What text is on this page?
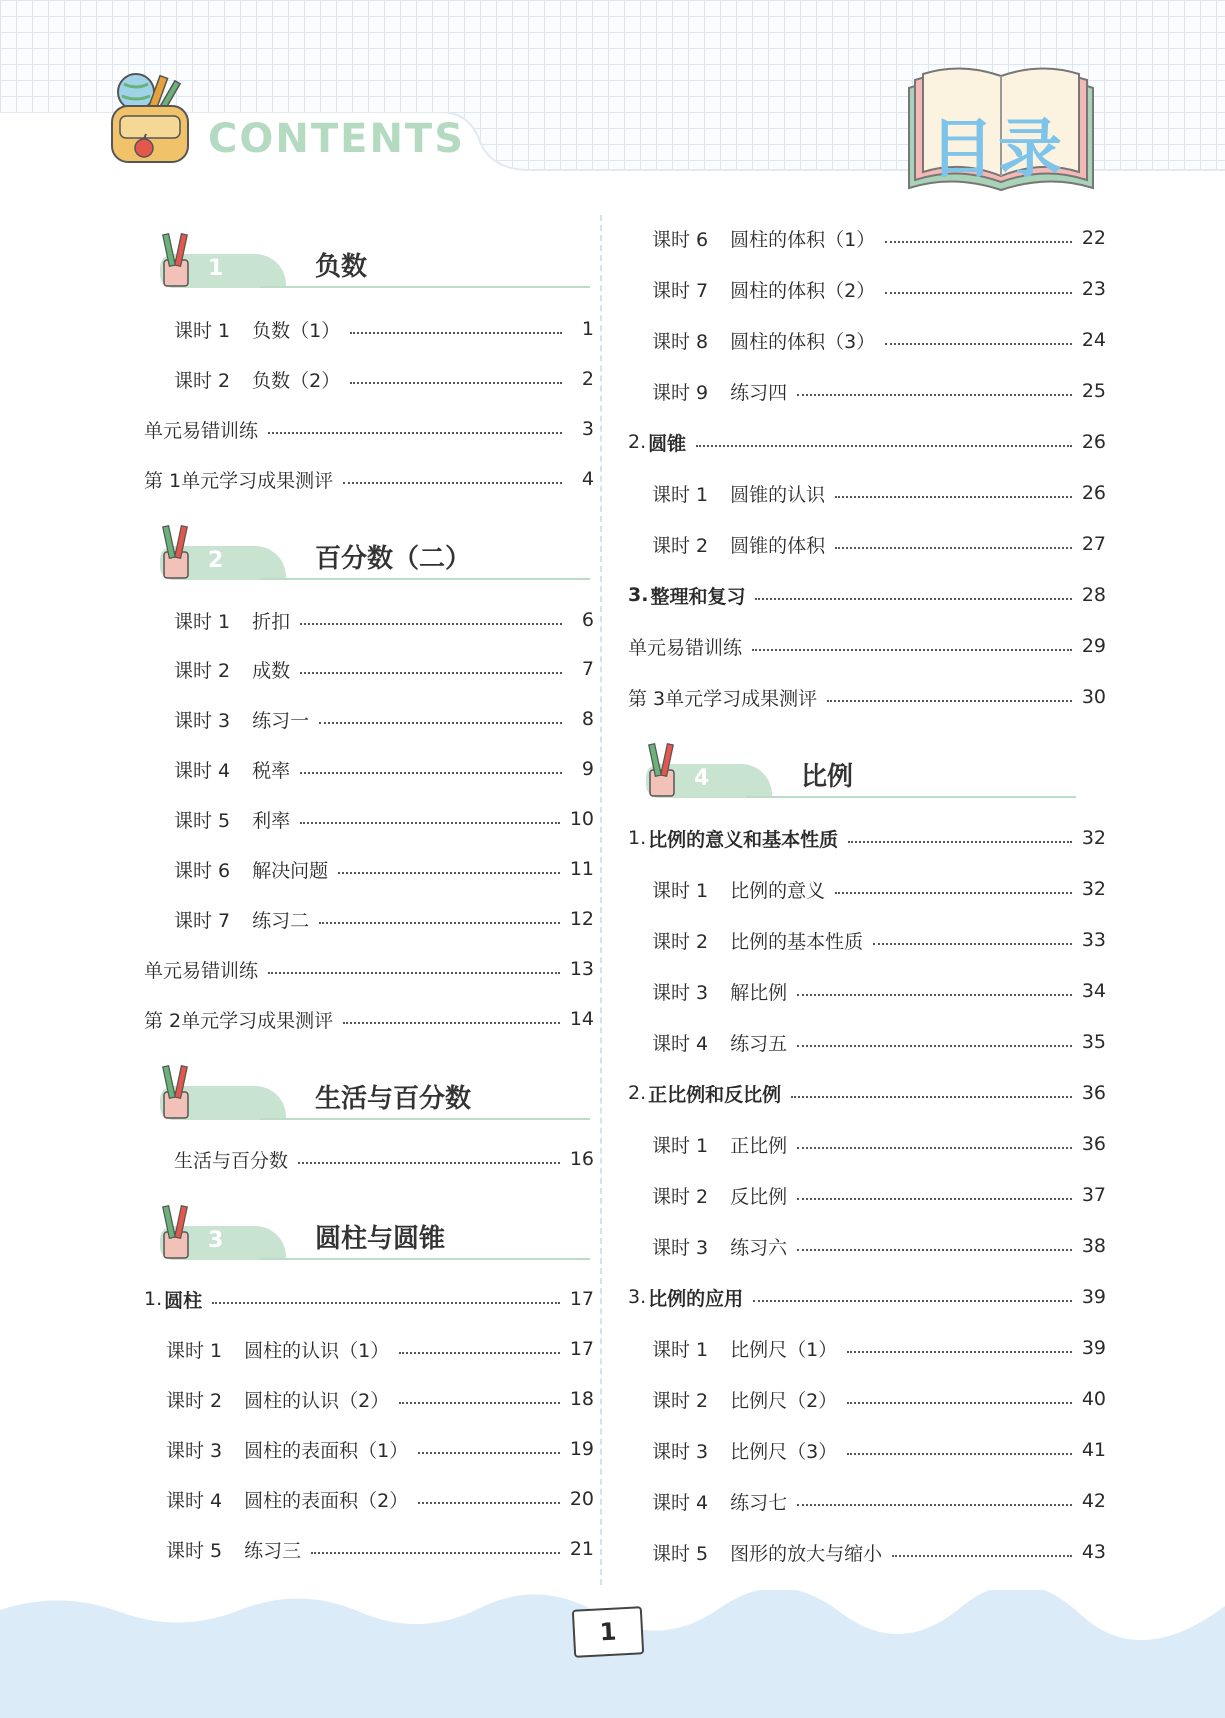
CONTENTS	目录
1	负数
课时 1 负数（1）	1
课时 2 负数（2）	2
单元易错训练	3
第 1单元学习成果测评	4
2	百分数（二）
课时 1 折扣	6
课时 2 成数	7
课时 3 练习一	8
课时 4 税率	9
课时 5 利率	10
课时 6 解决问题	11
课时 7 练习二	12
单元易错训练	13
第 2单元学习成果测评	14
生活与百分数
生活与百分数	16
3	圆柱与圆锥
1. 圆柱	17
课时 1 圆柱的认识（1）	17
课时 2 圆柱的认识（2）	18
课时 3 圆柱的表面积（1）	19
课时 4 圆柱的表面积（2）	20
课时 5 练习三	21
课时 6 圆柱的体积（1）	22
课时 7 圆柱的体积（2）	23
课时 8 圆柱的体积（3）	24
课时 9 练习四	25
2. 圆锥	26
课时 1 圆锥的认识	26
课时 2 圆锥的体积	27
3. 整理和复习	28
单元易错训练	29
第 3单元学习成果测评	30
4	比例
1. 比例的意义和基本性质	32
课时 1 比例的意义	32
课时 2 比例的基本性质	33
课时 3 解比例	34
课时 4 练习五	35
2. 正比例和反比例	36
课时 1 正比例	36
课时 2 反比例	37
课时 3 练习六	38
3. 比例的应用	39
课时 1 比例尺（1）	39
课时 2 比例尺（2）	40
课时 3 比例尺（3）	41
课时 4 练习七	42
课时 5 图形的放大与缩小	43
1
